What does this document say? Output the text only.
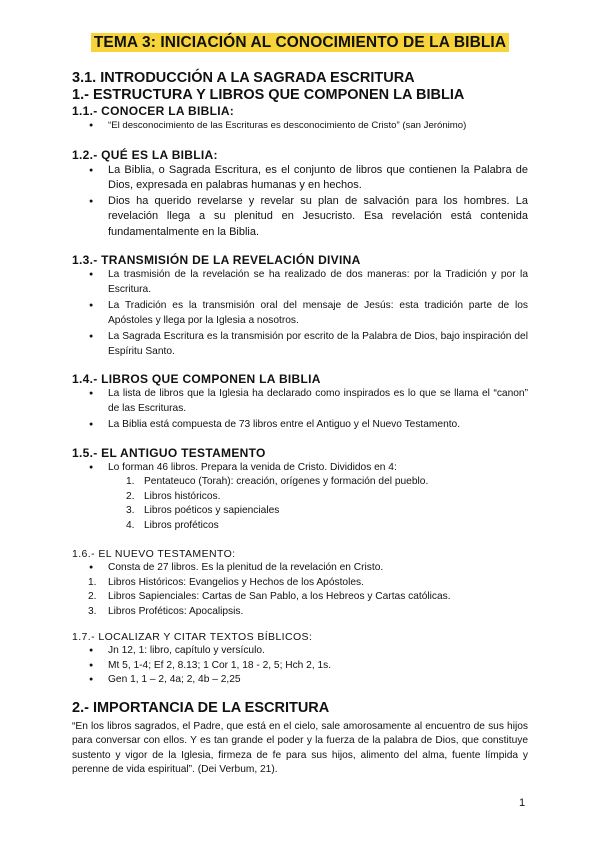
TEMA 3: INICIACIÓN AL CONOCIMIENTO DE LA BIBLIA
3.1. INTRODUCCIÓN A LA SAGRADA ESCRITURA
1.- ESTRUCTURA Y LIBROS QUE COMPONEN LA BIBLIA
1.1.- CONOCER LA BIBLIA:
● “El desconocimiento de las Escrituras es desconocimiento de Cristo” (san Jerónimo)
1.2.- QUÉ ES LA BIBLIA:
● La Biblia, o Sagrada Escritura, es el conjunto de libros que contienen la Palabra de Dios, expresada en palabras humanas y en hechos.
● Dios ha querido revelarse y revelar su plan de salvación para los hombres. La revelación llega a su plenitud en Jesucristo. Esa revelación está contenida fundamentalmente en la Biblia.
1.3.- TRANSMISIÓN DE LA REVELACIÓN DIVINA
● La trasmisión de la revelación se ha realizado de dos maneras: por la Tradición y por la Escritura.
● La Tradición es la transmisión oral del mensaje de Jesús: esta tradición parte de los Apóstoles y llega por la Iglesia a nosotros.
● La Sagrada Escritura es la transmisión por escrito de la Palabra de Dios, bajo inspiración del Espíritu Santo.
1.4.- LIBROS QUE COMPONEN LA BIBLIA
● La lista de libros que la Iglesia ha declarado como inspirados es lo que se llama el “canon” de las Escrituras.
● La Biblia está compuesta de 73 libros entre el Antiguo y el Nuevo Testamento.
1.5.- EL ANTIGUO TESTAMENTO
● Lo forman 46 libros. Prepara la venida de Cristo. Divididos en 4:
1. Pentateuco (Torah): creación, orígenes y formación del pueblo.
2. Libros históricos.
3. Libros poéticos y sapienciales
4. Libros proféticos
1.6.- EL NUEVO TESTAMENTO:
● Consta de 27 libros. Es la plenitud de la revelación en Cristo.
1. Libros Históricos: Evangelios y Hechos de los Apóstoles.
2. Libros Sapienciales: Cartas de San Pablo, a los Hebreos y Cartas católicas.
3. Libros Proféticos: Apocalipsis.
1.7.- LOCALIZAR Y CITAR TEXTOS BÍBLICOS:
● Jn 12, 1: libro, capítulo y versículo.
● Mt 5, 1-4; Ef 2, 8.13; 1 Cor 1, 18 - 2, 5; Hch 2, 1s.
● Gen 1, 1 – 2, 4a; 2, 4b – 2,25
2.- IMPORTANCIA DE LA ESCRITURA
“En los libros sagrados, el Padre, que está en el cielo, sale amorosamente al encuentro de sus hijos para conversar con ellos. Y es tan grande el poder y la fuerza de la palabra de Dios, que constituye sustento y vigor de la Iglesia, firmeza de fe para sus hijos, alimento del alma, fuente límpida y perenne de vida espiritual”. (Dei Verbum, 21).
1
